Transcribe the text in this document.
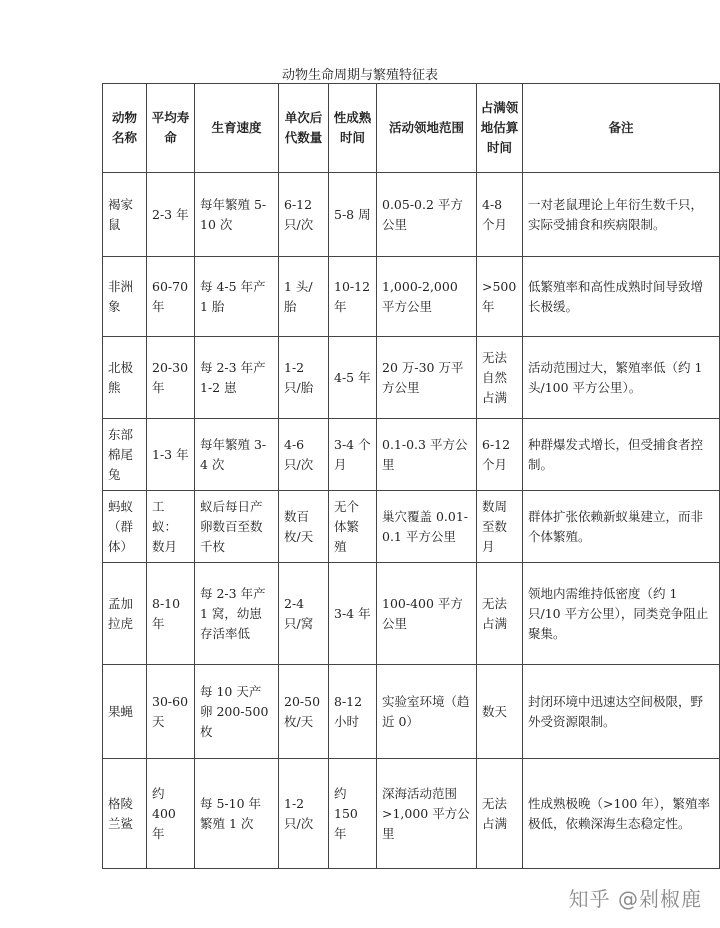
动物生命周期与繁殖特征表
动物名称	平均寿命	生育速度	单次后代数量	性成熟时间	活动领地范围	占满领地估算时间	备注
褐家鼠	2-3 年	每年繁殖 5-10 次	6-12 只/次	5-8 周	0.05-0.2 平方公里	4-8 个月	一对老鼠理论上年衍生数千只，实际受捕食和疾病限制。
非洲象	60-70 年	每 4-5 年产 1 胎	1 头/胎	10-12 年	1,000-2,000 平方公里	>500 年	低繁殖率和高性成熟时间导致增长极缓。
北极熊	20-30 年	每 2-3 年产 1-2 崽	1-2 只/胎	4-5 年	20 万-30 万平方公里	无法自然占满	活动范围过大，繁殖率低（约 1 头/100 平方公里）。
东部棉尾兔	1-3 年	每年繁殖 3-4 次	4-6 只/次	3-4 个月	0.1-0.3 平方公里	6-12 个月	种群爆发式增长，但受捕食者控制。
蚂蚁（群体）	工蚁：数月	蚁后每日产卵数百至数千枚	数百枚/天	无个体繁殖	巢穴覆盖 0.01-0.1 平方公里	数周至数月	群体扩张依赖新蚁巢建立，而非个体繁殖。
孟加拉虎	8-10 年	每 2-3 年产 1 窝，幼崽存活率低	2-4 只/窝	3-4 年	100-400 平方公里	无法占满	领地内需维持低密度（约 1 只/10 平方公里），同类竞争阻止聚集。
果蝇	30-60 天	每 10 天产卵 200-500 枚	20-50 枚/天	8-12 小时	实验室环境（趋近 0）	数天	封闭环境中迅速达空间极限，野外受资源限制。
格陵兰鲨	约 400 年	每 5-10 年繁殖 1 次	1-2 只/次	约 150 年	深海活动范围>1,000 平方公里	无法占满	性成熟极晚（>100 年），繁殖率极低，依赖深海生态稳定性。
知乎 @剁椒鹿
